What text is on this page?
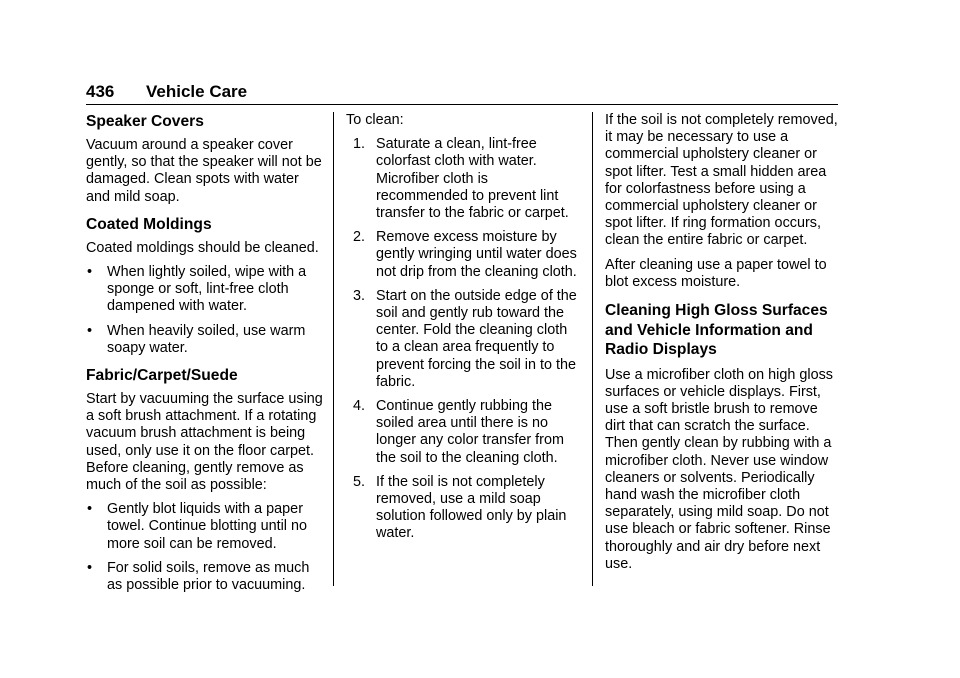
436 Vehicle Care
Speaker Covers

Vacuum around a speaker cover gently, so that the speaker will not be damaged. Clean spots with water and mild soap.

Coated Moldings

Coated moldings should be cleaned.

• When lightly soiled, wipe with a sponge or soft, lint-free cloth dampened with water.
• When heavily soiled, use warm soapy water.
Fabric/Carpet/Suede

Start by vacuuming the surface using a soft brush attachment. If a rotating vacuum brush attachment is being used, only use it on the floor carpet. Before cleaning, gently remove as much of the soil as possible:

• Gently blot liquids with a paper towel. Continue blotting until no more soil can be removed.
• For solid soils, remove as much as possible prior to vacuuming.

To clean:

1. Saturate a clean, lint-free colorfast cloth with water. Microfiber cloth is recommended to prevent lint transfer to the fabric or carpet.
2. Remove excess moisture by gently wringing until water does not drip from the cleaning cloth.
3. Start on the outside edge of the soil and gently rub toward the center. Fold the cleaning cloth to a clean area frequently to prevent forcing the soil in to the fabric.
4. Continue gently rubbing the soiled area until there is no longer any color transfer from the soil to the cleaning cloth.
5. If the soil is not completely removed, use a mild soap solution followed only by plain water.

If the soil is not completely removed, it may be necessary to use a commercial upholstery cleaner or spot lifter. Test a small hidden area for colorfastness before using a commercial upholstery cleaner or spot lifter. If ring formation occurs, clean the entire fabric or carpet.

After cleaning use a paper towel to blot excess moisture.

Cleaning High Gloss Surfaces and Vehicle Information and Radio Displays

Use a microfiber cloth on high gloss surfaces or vehicle displays. First, use a soft bristle brush to remove dirt that can scratch the surface. Then gently clean by rubbing with a microfiber cloth. Never use window cleaners or solvents. Periodically hand wash the microfiber cloth separately, using mild soap. Do not use bleach or fabric softener. Rinse thoroughly and air dry before next use.
